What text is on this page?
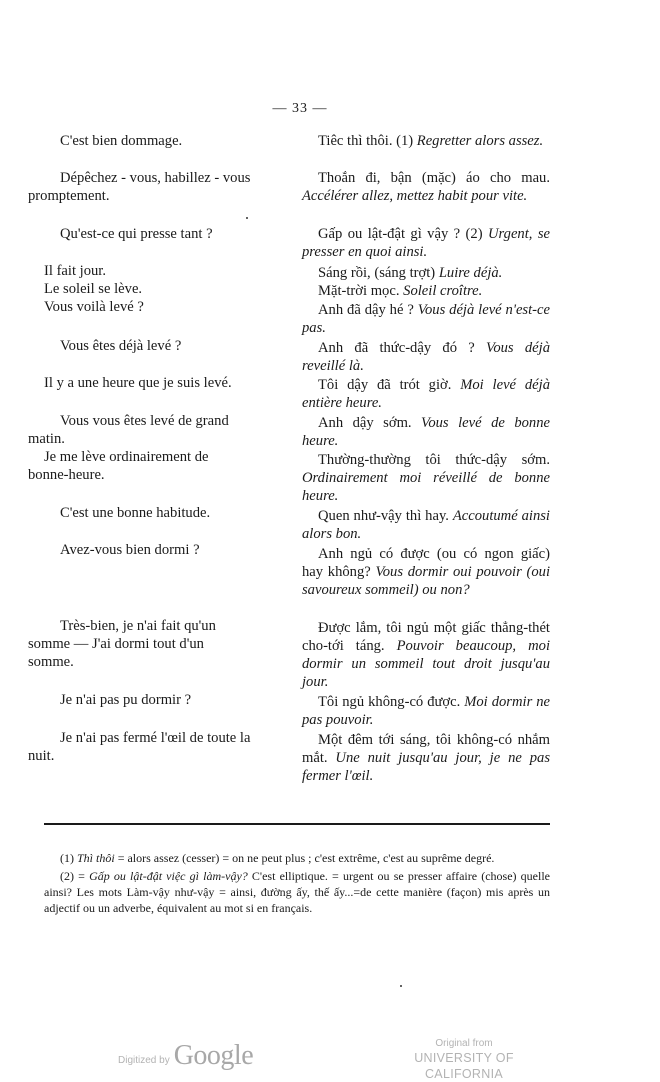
— 33 —

C'est bien dommage.

Dépêchez - vous, habillez - vous
promptement.

Qu'est-ce qui presse tant ?

Il fait jour.
Le soleil se lève.
Vous voilà levé ?

Vous êtes déjà levé ?

Il y a une heure que je suis levé.

Vous vous êtes levé de grand
matin.
Je me lève ordinairement de
bonne-heure.

C'est une bonne habitude.

Avez-vous bien dormi ?

Très-bien, je n'ai fait qu'un
somme — J'ai dormi tout d'un
somme.

Je n'ai pas pu dormir ?

Je n'ai pas fermé l'œil de toute la
nuit.

Tiêc thì thôi. (1) Regretter alors assez.

Thoắn đi, bận (mặc) áo cho mau. Accélérer allez, mettez habit pour vite.

Gấp ou lật-đật gì vậy ? (2) Urgent, se presser en quoi ainsi.

Sáng rồi, (sáng trợt) Luire déjà.

Mặt-trời mọc. Soleil croître.

Anh đã dậy hé ? Vous déjà levé n'est-ce pas.

Anh đã thức-dậy đó ? Vous déjà reveillé là.

Tôi dậy đã trót giờ. Moi levé déjà entière heure.

Anh dậy sớm. Vous levé de bonne heure.

Thường-thường tôi thức-dậy sớm. Ordinairement moi réveillé de bonne heure.

Quen như-vậy thì hay. Accoutumé ainsi alors bon.

Anh ngủ có được (ou có ngon giấc) hay không? Vous dormir oui pouvoir (oui savoureux sommeil) ou non?

Được lắm, tôi ngủ một giấc thẳng-thét cho-tới táng. Pouvoir beaucoup, moi dormir un sommeil tout droit jusqu'au jour.

Tôi ngủ không-có được. Moi dormir ne pas pouvoir.

Một đêm tới sáng, tôi không-có nhắm mắt. Une nuit jusqu'au jour, je ne pas fermer l'œil.

(1) Thì thôi = alors assez (cesser) = on ne peut plus ; c'est extrême, c'est au suprême degré.

(2) = Gấp ou lật-đật việc gì làm-vậy? C'est elliptique. = urgent ou se presser affaire (chose) quelle ainsi? Les mots Làm-vậy như-vậy = ainsi, đường ấy, thế ấy...=de cette manière (façon) mis après un adjectif ou un adverbe, équivalent au mot si en français.

Digitized by Google	Original from
UNIVERSITY OF CALIFORNIA
